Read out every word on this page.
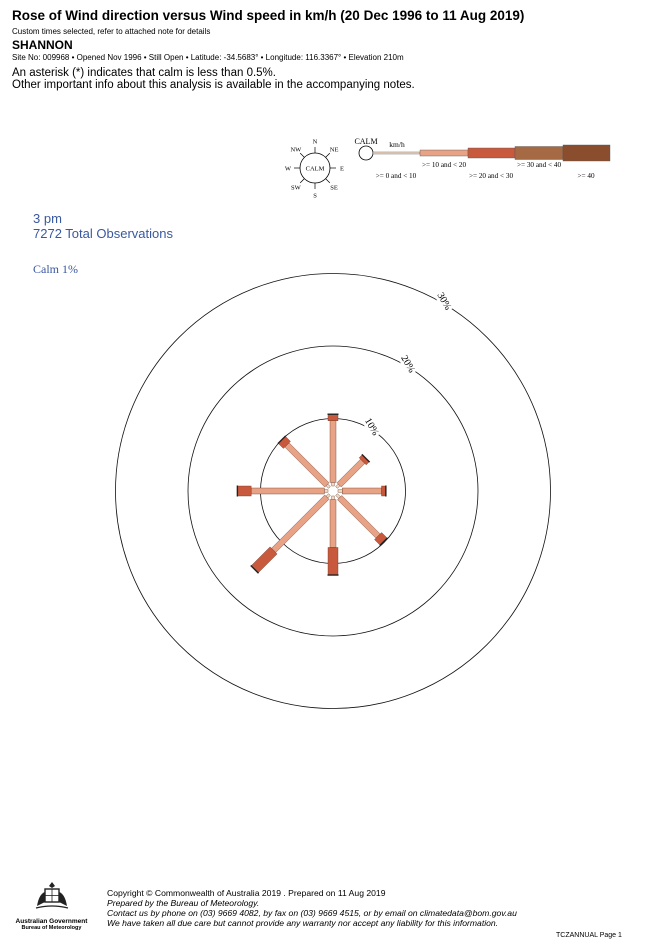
Rose of Wind direction versus Wind speed in km/h (20 Dec 1996 to 11 Aug 2019)
Custom times selected, refer to attached note for details
SHANNON
Site No: 009968 • Opened Nov 1996 • Still Open • Latitude: -34.5683° • Longitude: 116.3367° • Elevation 210m
An asterisk (*) indicates that calm is less than 0.5%.
Other important info about this analysis is available in the accompanying notes.
CALM
N
NE
E
SE
S
SW
W
NW
CALM km/h
>= 0 and < 10
>= 10 and < 20
>= 20 and < 30
>= 30 and < 40
>= 40
10%
20%
30%
3 pm
7272 Total Observations
Calm 1%
Australian Government
Bureau of Meteorology
Copyright © Commonwealth of Australia 2019 . Prepared on 11 Aug 2019
Prepared by the Bureau of Meteorology.
Contact us by phone on (03) 9669 4082, by fax on (03) 9669 4515, or by email on climatedata@bom.gov.au
We have taken all due care but cannot provide any warranty nor accept any liability for this information.
TCZANNUAL Page 1
